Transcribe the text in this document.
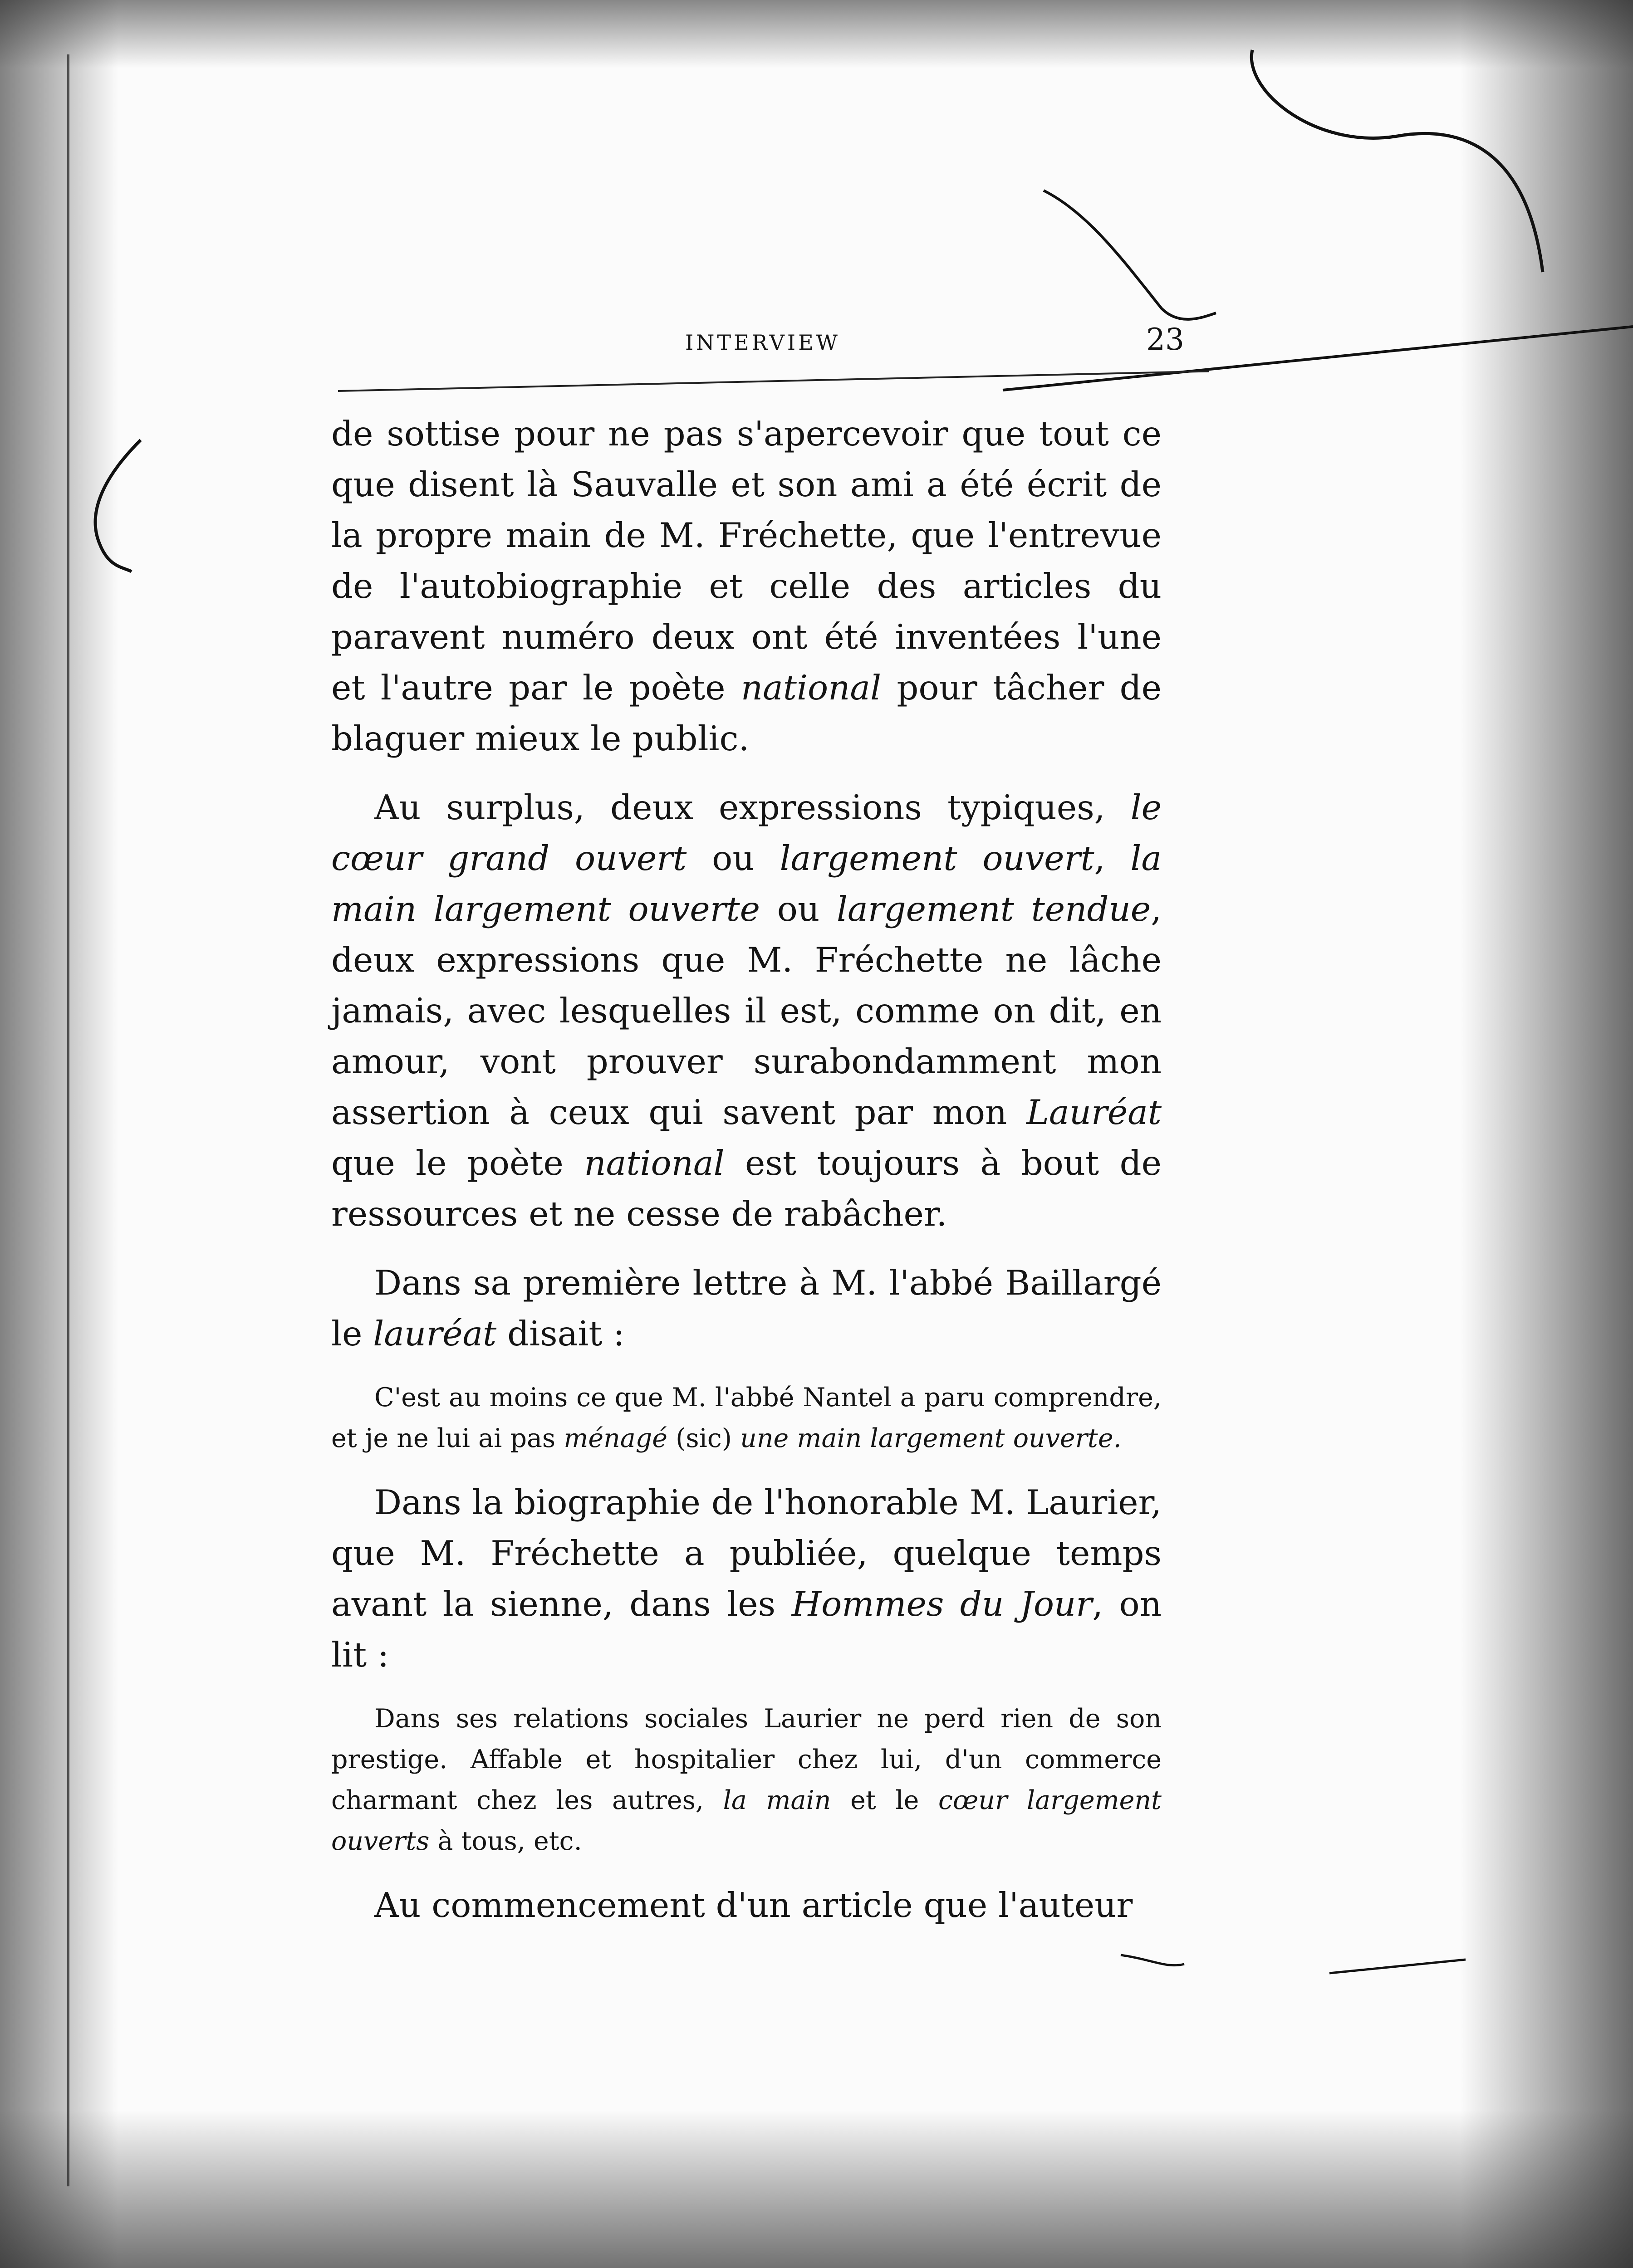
INTERVIEW	23

de sottise pour ne pas s'apercevoir que tout ce que disent là Sauvalle et son ami a été écrit de la propre main de M. Fréchette, que l'entrevue de l'autobiographie et celle des articles du paravent numéro deux ont été inventées l'une et l'autre par le poète national pour tâcher de blaguer mieux le public.

Au surplus, deux expressions typiques, le cœur grand ouvert ou largement ouvert, la main largement ouverte ou largement tendue, deux expressions que M. Fréchette ne lâche jamais, avec lesquelles il est, comme on dit, en amour, vont prouver surabondamment mon assertion à ceux qui savent par mon Lauréat que le poète national est toujours à bout de ressources et ne cesse de rabâcher.

Dans sa première lettre à M. l'abbé Baillargé le lauréat disait :

C'est au moins ce que M. l'abbé Nantel a paru comprendre, et je ne lui ai pas ménagé (sic) une main largement ouverte.

Dans la biographie de l'honorable M. Laurier, que M. Fréchette a publiée, quelque temps avant la sienne, dans les Hommes du Jour, on lit :

Dans ses relations sociales Laurier ne perd rien de son prestige. Affable et hospitalier chez lui, d'un commerce charmant chez les autres, la main et le cœur largement ouverts à tous, etc.

Au commencement d'un article que l'auteur
